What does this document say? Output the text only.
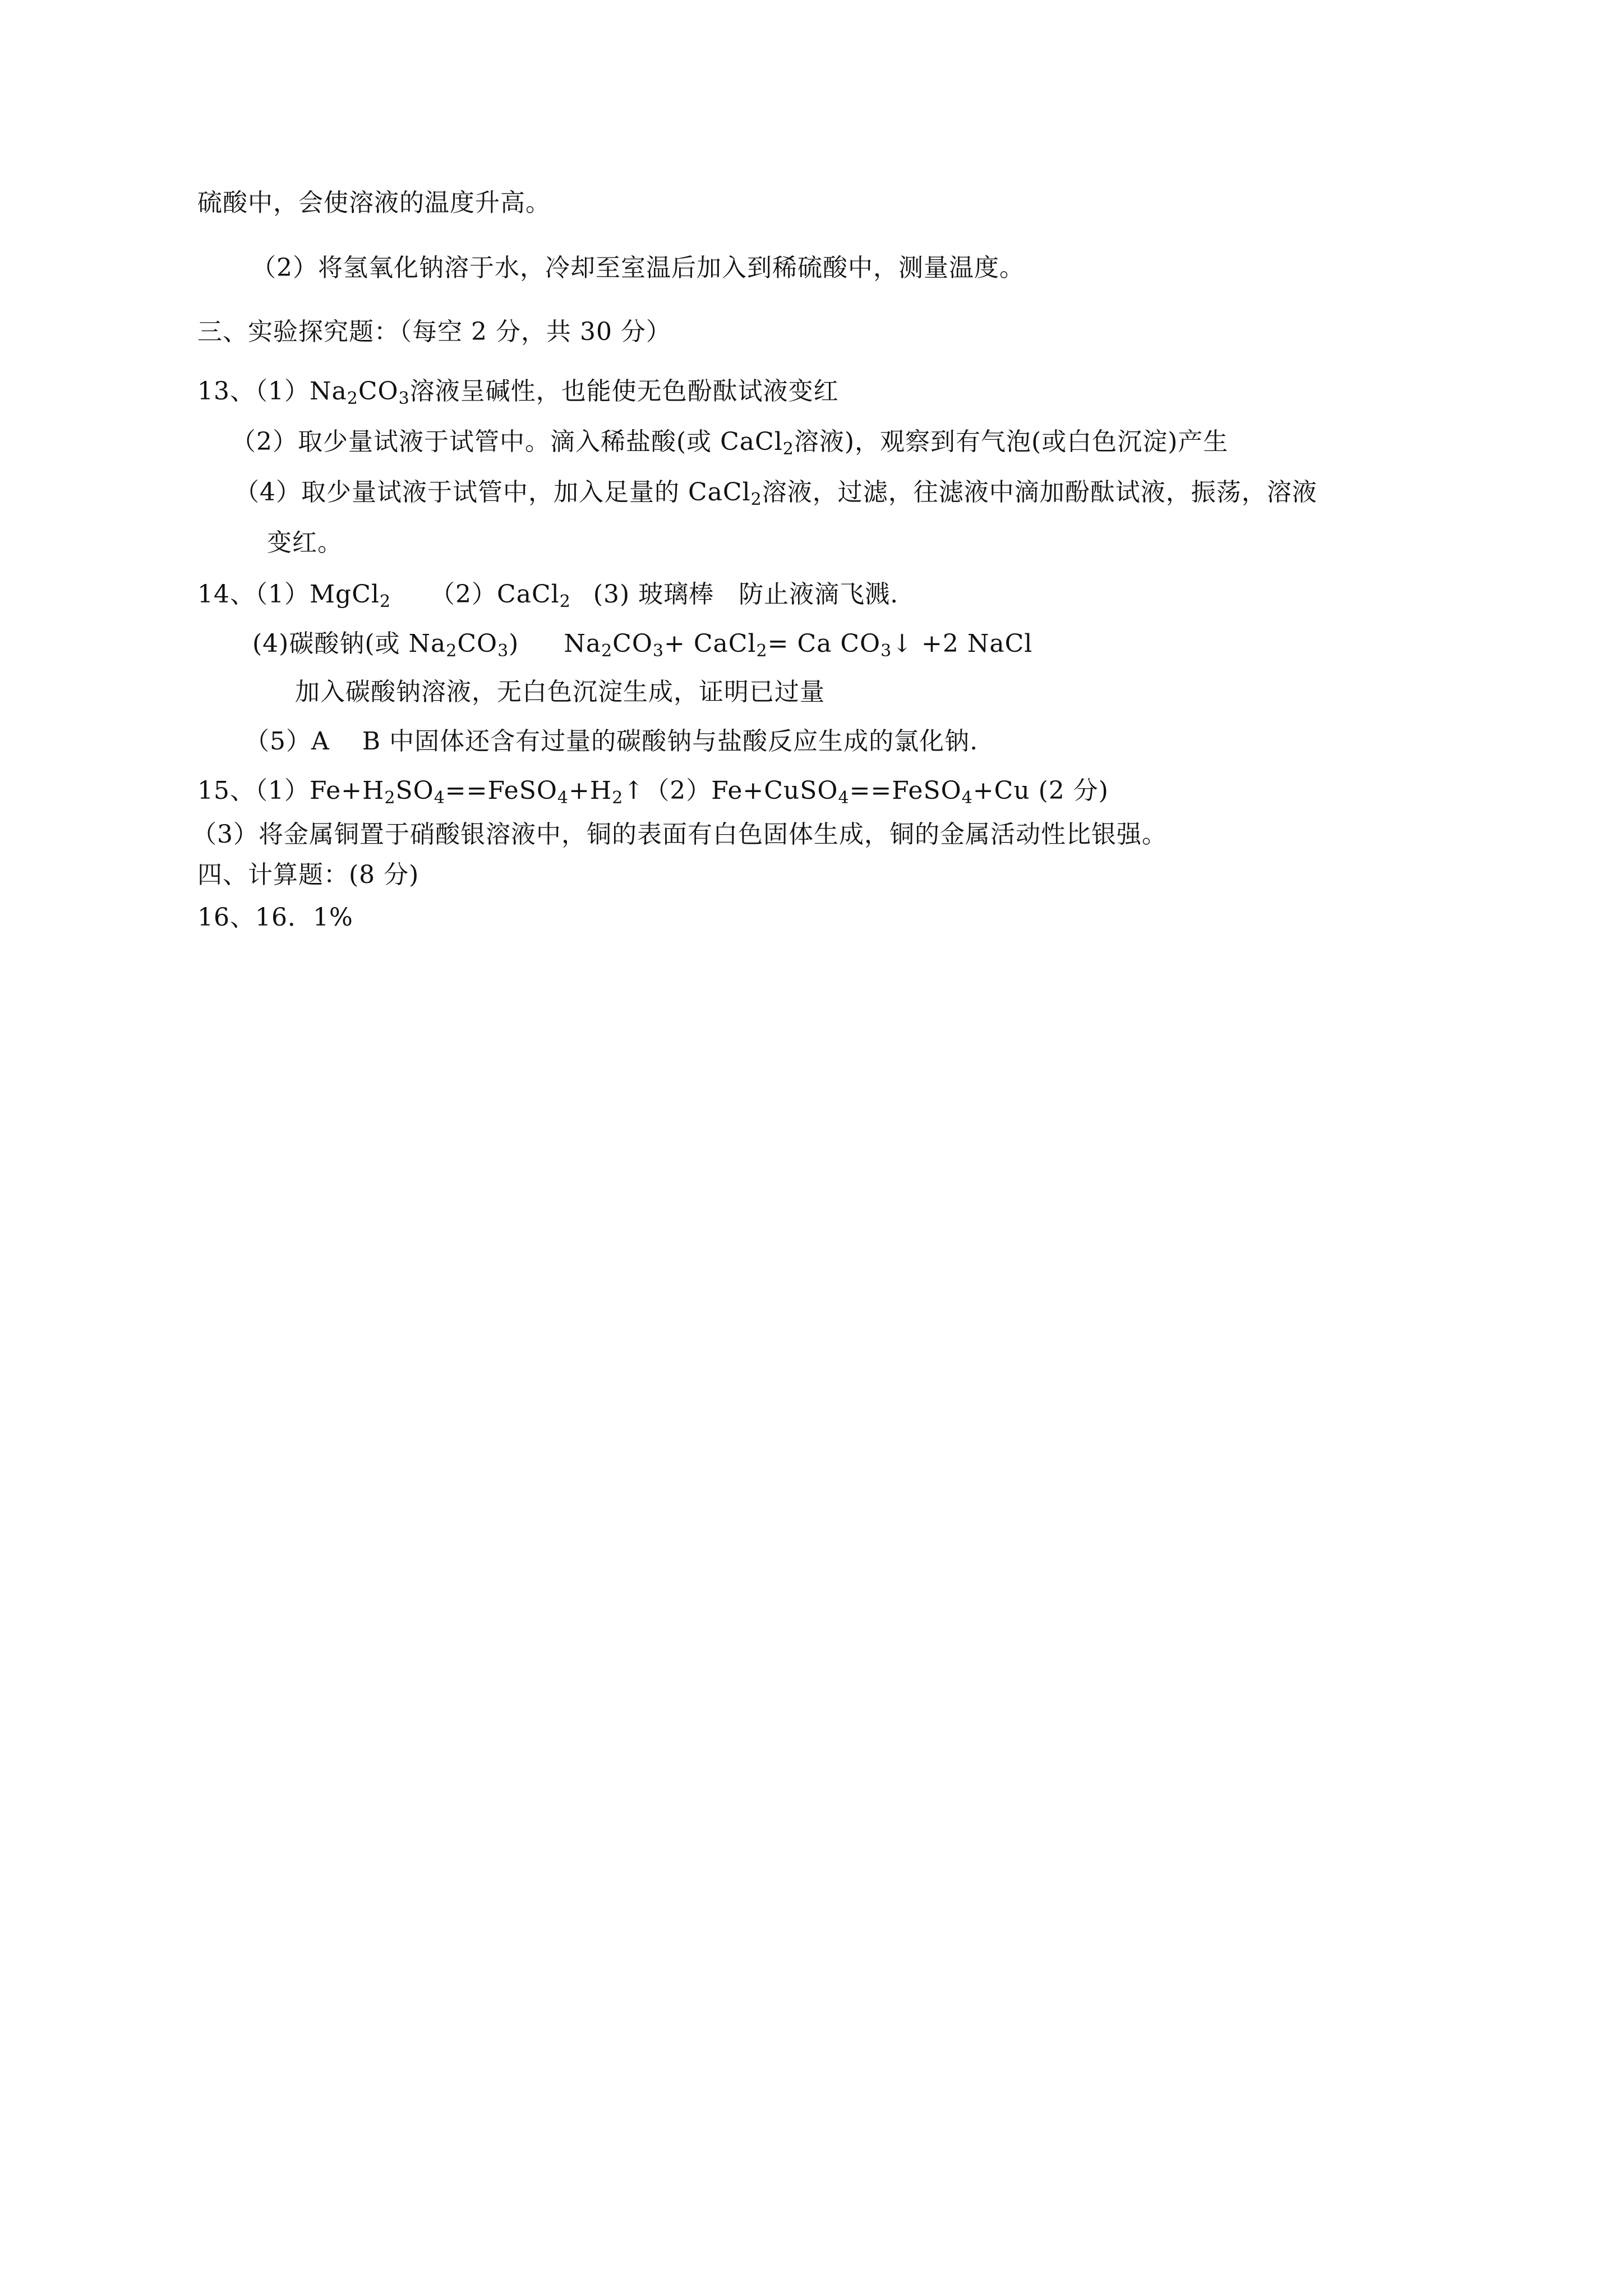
硫酸中，会使溶液的温度升高。
（2）将氢氧化钠溶于水，冷却至室温后加入到稀硫酸中，测量温度。
三、实验探究题：（每空 2 分，共 30 分）
13、$(1)Na_2CO_3$溶液呈碱性，也能使无色酚酞试液变红
（2）取少量试液于试管中。滴入稀盐酸(或 CaCl$_2$溶液)，观察到有气泡(或白色沉淀)产生
（4）取少量试液于试管中，加入足量的 CaCl$_2$溶液，过滤，往滤液中滴加酚酞试液，振荡，溶液
变红。
14、（1）MgCl$_2$ （2）CaCl$_2$ (3) 玻璃棒 防止液滴飞溅.
(4)碳酸钠(或 $Na_2CO_3$) $Na_2CO_3+$ CaCl$_2$= Ca $CO_3↓ +2$ NaCl
加入碳酸钠溶液，无白色沉淀生成，证明已过量
（5）A B 中固体还含有过量的碳酸钠与盐酸反应生成的氯化钠.
15、$(1)Fe+H_2SO_4==FeSO_4+H_2↑(2)Fe+CuSO_4==FeSO_4+Cu$ (2 分)
（3）将金属铜置于硝酸银溶液中，铜的表面有白色固体生成，铜的金属活动性比银强。
四、计算题：(8 分)
16、16．1%
